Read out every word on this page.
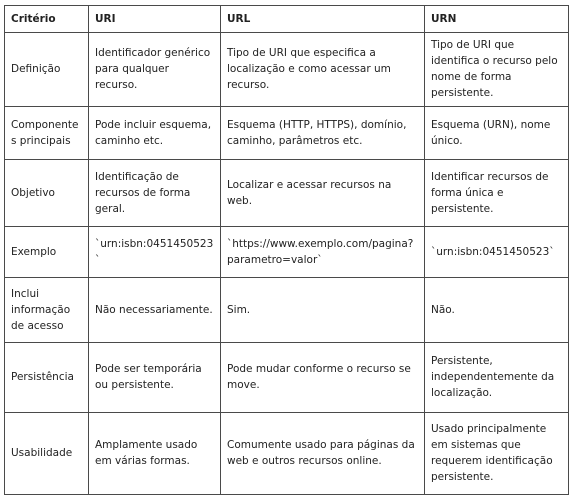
Critério	URI	URL	URN
Definição	Identificador genérico para qualquer recurso.	Tipo de URI que especifica a localização e como acessar um recurso.	Tipo de URI que identifica o recurso pelo nome de forma persistente.
Componentes principais	Pode incluir esquema, caminho etc.	Esquema (HTTP, HTTPS), domínio, caminho, parâmetros etc.	Esquema (URN), nome único.
Objetivo	Identificação de recursos de forma geral.	Localizar e acessar recursos na web.	Identificar recursos de forma única e persistente.
Exemplo	`urn:isbn:0451450523`	`https://www.exemplo.com/pagina?parametro=valor`	`urn:isbn:0451450523`
Inclui informação de acesso	Não necessariamente.	Sim.	Não.
Persistência	Pode ser temporária ou persistente.	Pode mudar conforme o recurso se move.	Persistente, independentemente da localização.
Usabilidade	Amplamente usado em várias formas.	Comumente usado para páginas da web e outros recursos online.	Usado principalmente em sistemas que requerem identificação persistente.
